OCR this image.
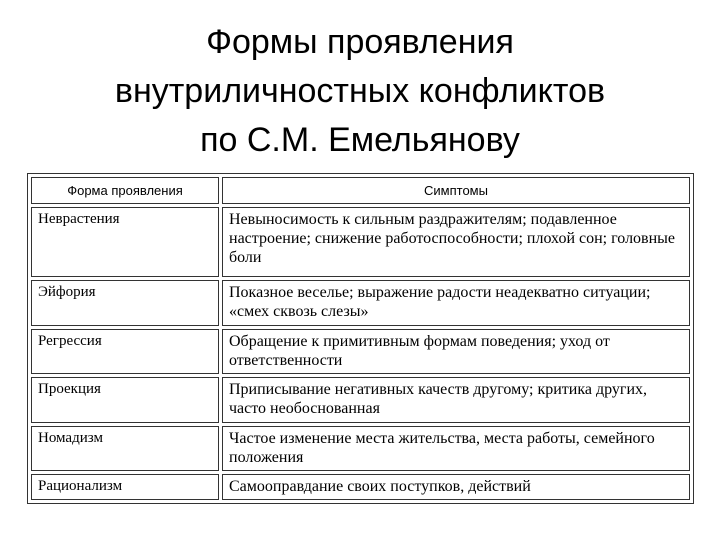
Формы проявления
внутриличностных конфликтов
по С.М. Емельянову
Форма проявления	Симптомы
Неврастения	Невыносимость к сильным раздражителям; подавленное настроение; снижение работоспособности; плохой сон; головные боли
Эйфория	Показное веселье; выражение радости неадекватно ситуации; «смех сквозь слезы»
Регрессия	Обращение к примитивным формам поведения; уход от ответственности
Проекция	Приписывание негативных качеств другому; критика других, часто необоснованная
Номадизм	Частое изменение места жительства, места работы, семейного положения
Рационализм	Самооправдание своих поступков, действий
